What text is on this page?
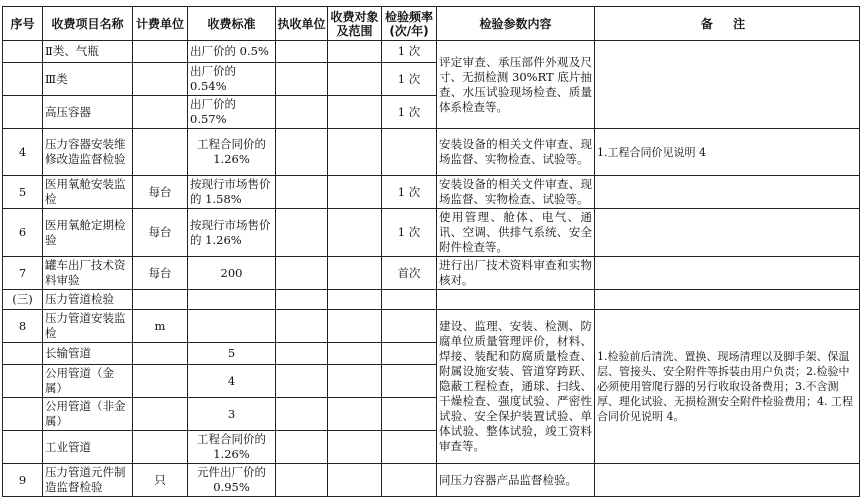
序号	收费项目名称	计费单位	收费标准	执收单位	收费对象及范围	检验频率(次/年)	检验参数内容	备 注
	Ⅱ类、气瓶		出厂价的 0.5%			1 次	评定审查、承压部件外观及尺寸、无损检测 30%RT 底片抽查、水压试验现场检查、质量体系检查等。	
	Ⅲ类		出厂价的 0.54%			1 次		
	高压容器		出厂价的 0.57%			1 次		
4	压力容器安装维修改造监督检验		工程合同价的 1.26%				安装设备的相关文件审查、现场监督、实物检查、试验等。	1.工程合同价见说明 4
5	医用氧舱安装监检	每台	按现行市场售价的 1.58%			1 次	安装设备的相关文件审查、现场监督、实物检查、试验等。	
6	医用氧舱定期检验	每台	按现行市场售价的 1.26%			1 次	使用管理、舱体、电气、通讯、空调、供排气系统、安全附件检查等。	
7	罐车出厂技术资料审验	每台	200			首次	进行出厂技术资料审查和实物核对。	
(三)	压力管道检验							
8	压力管道安装监检	m					建设、监理、安装、检测、防腐单位质量管理评价，材料、焊接、装配和防腐质量检查、附属设施安装、管道穿跨跃、隐蔽工程检查，通球、扫线、干燥检查、强度试验、严密性试验、安全保护装置试验、单体试验、整体试验，竣工资料审查等。	1.检验前后清洗、置换、现场清理以及脚手架、保温层、管接头、安全附件等拆装由用户负责；2.检验中必须使用管爬行器的另行收取设备费用；3.不含测厚、理化试验、无损检测安全附件检验费用；4. 工程合同价见说明 4。
	长输管道		5					
	公用管道（金属）		4					
	公用管道（非金属）		3					
	工业管道		工程合同价的 1.26%					
9	压力管道元件制造监督检验	只	元件出厂价的 0.95%				同压力容器产品监督检验。	
